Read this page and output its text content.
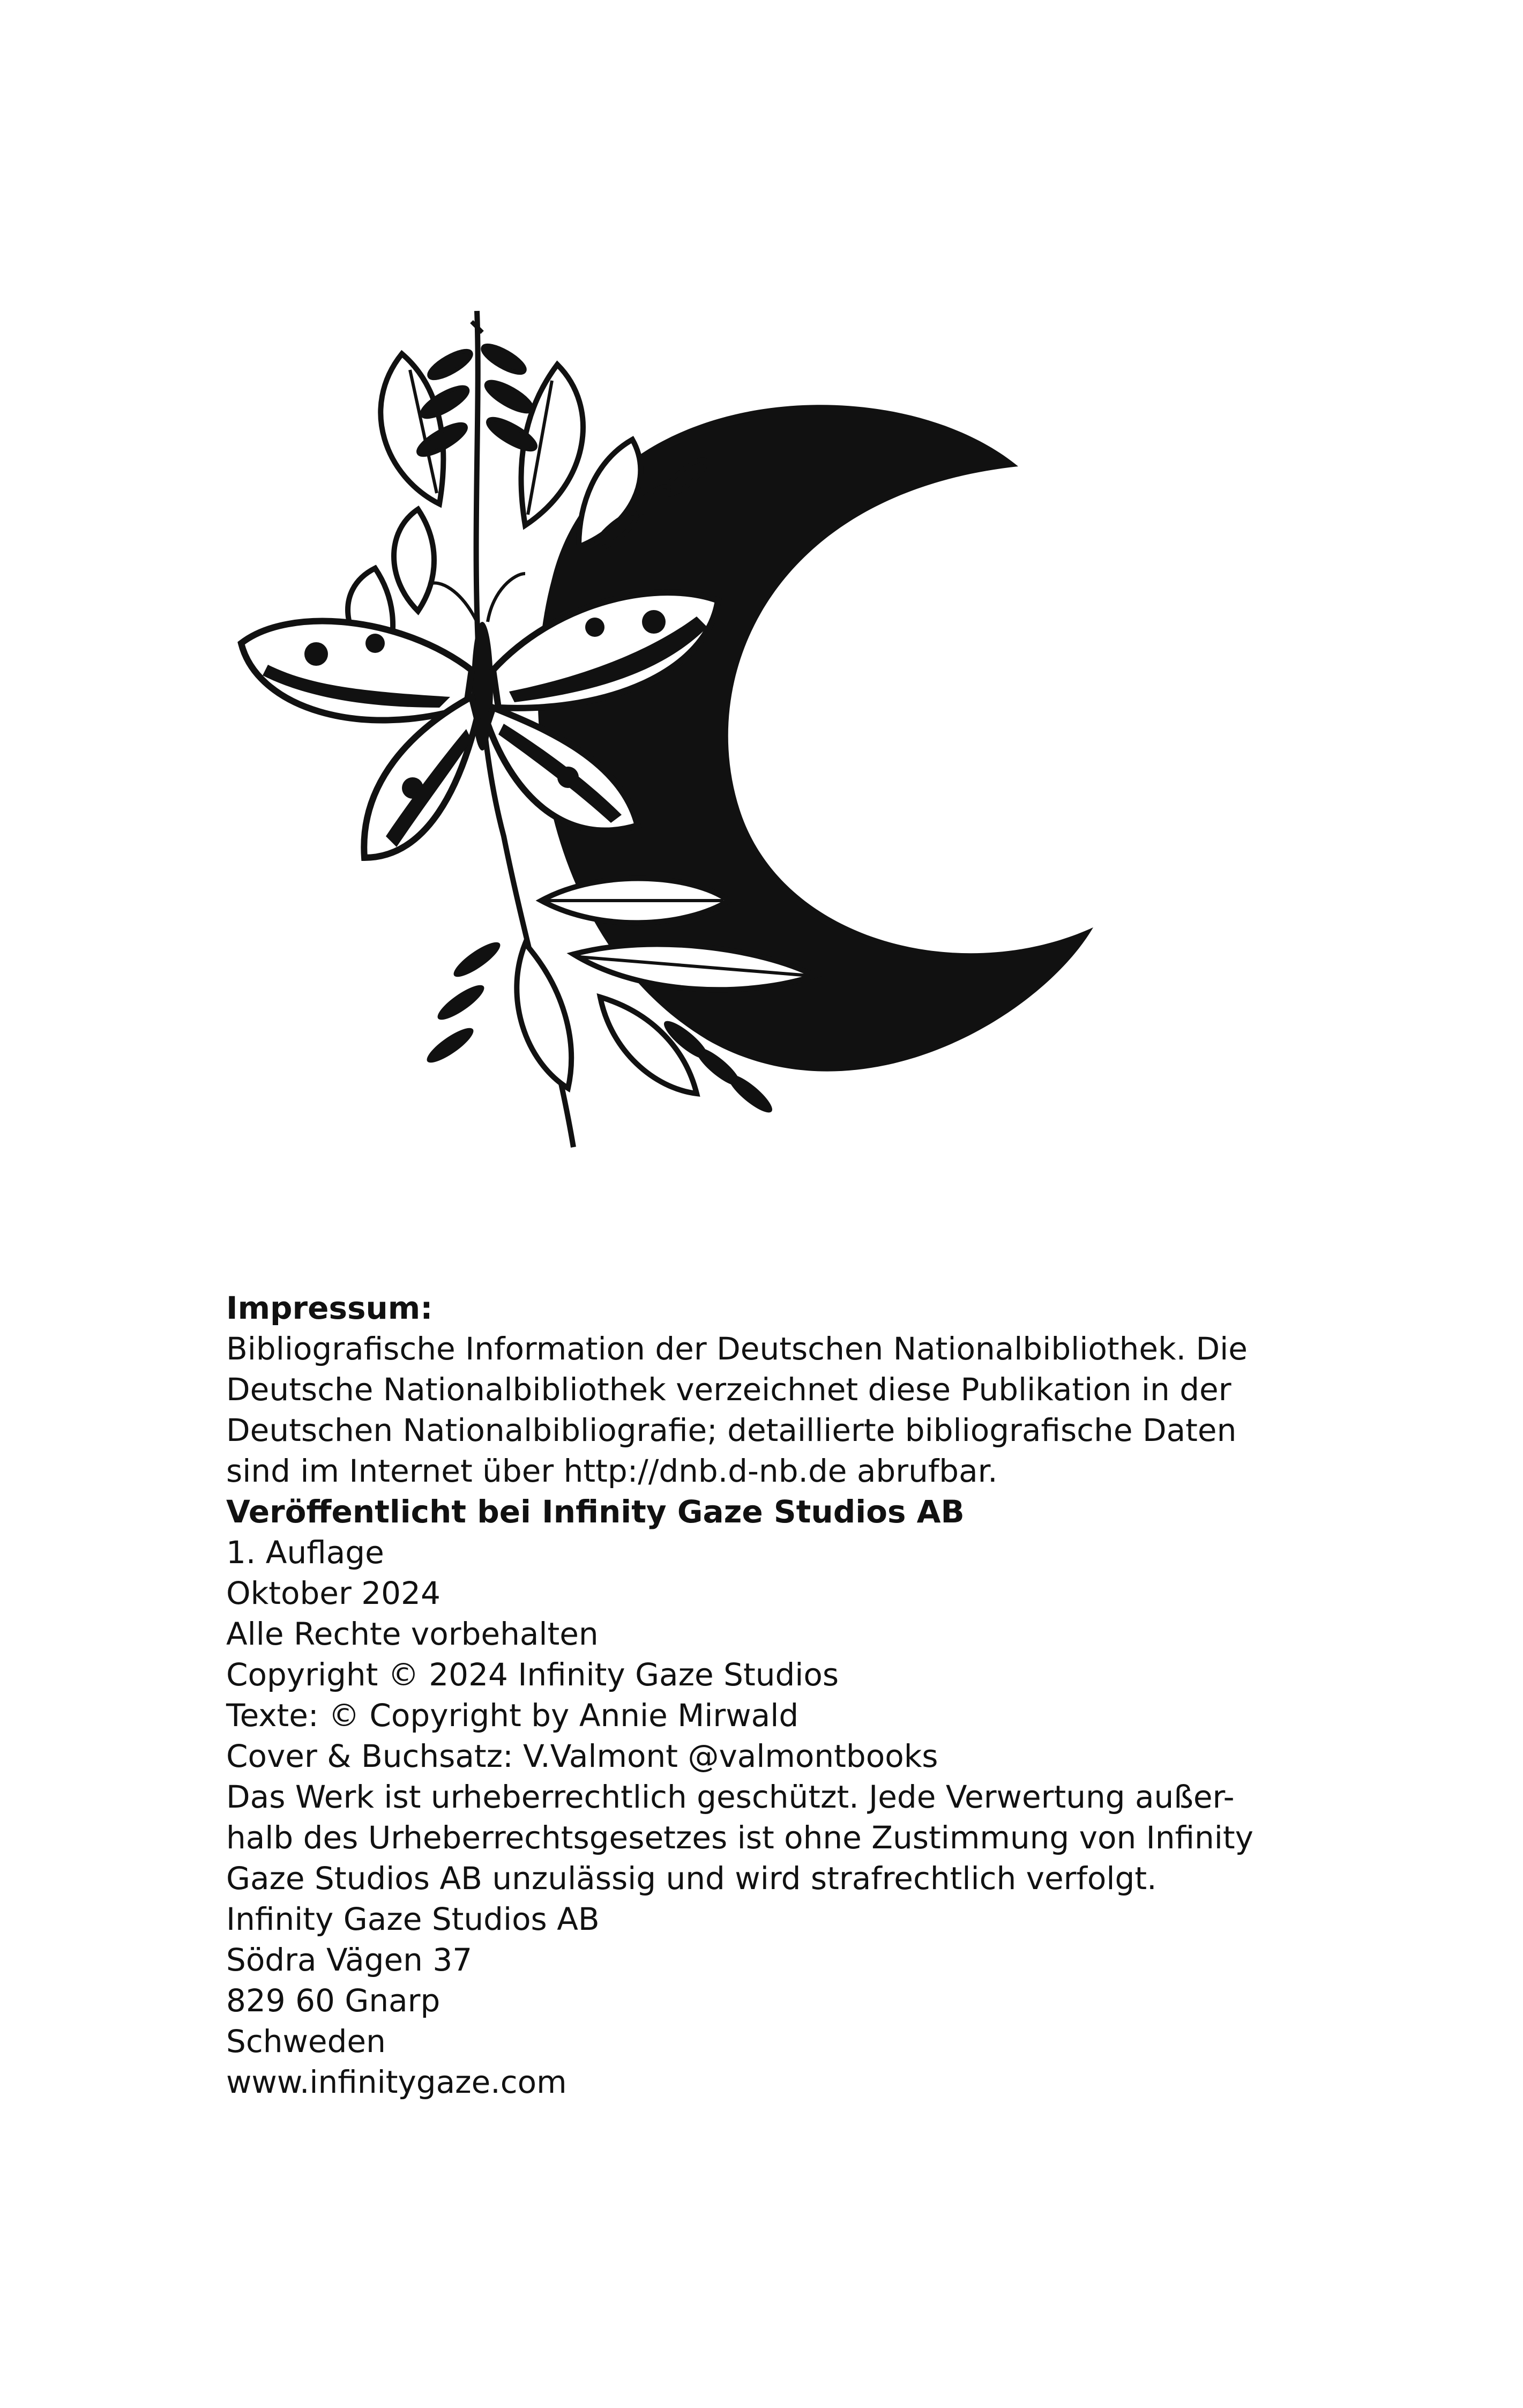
Impressum:
Bibliografische Information der Deutschen Nationalbibliothek. Die
Deutsche Nationalbibliothek verzeichnet diese Publikation in der
Deutschen Nationalbibliografie; detaillierte bibliografische Daten
sind im Internet über http://dnb.d-nb.de abrufbar.
Veröffentlicht bei Infinity Gaze Studios AB
1. Auflage
Oktober 2024
Alle Rechte vorbehalten
Copyright © 2024 Infinity Gaze Studios
Texte: © Copyright by Annie Mirwald
Cover & Buchsatz: V.Valmont @valmontbooks
Das Werk ist urheberrechtlich geschützt. Jede Verwertung außer-
halb des Urheberrechtsgesetzes ist ohne Zustimmung von Infinity
Gaze Studios AB unzulässig und wird strafrechtlich verfolgt.
Infinity Gaze Studios AB
Södra Vägen 37
829 60 Gnarp
Schweden
www.infinitygaze.com
